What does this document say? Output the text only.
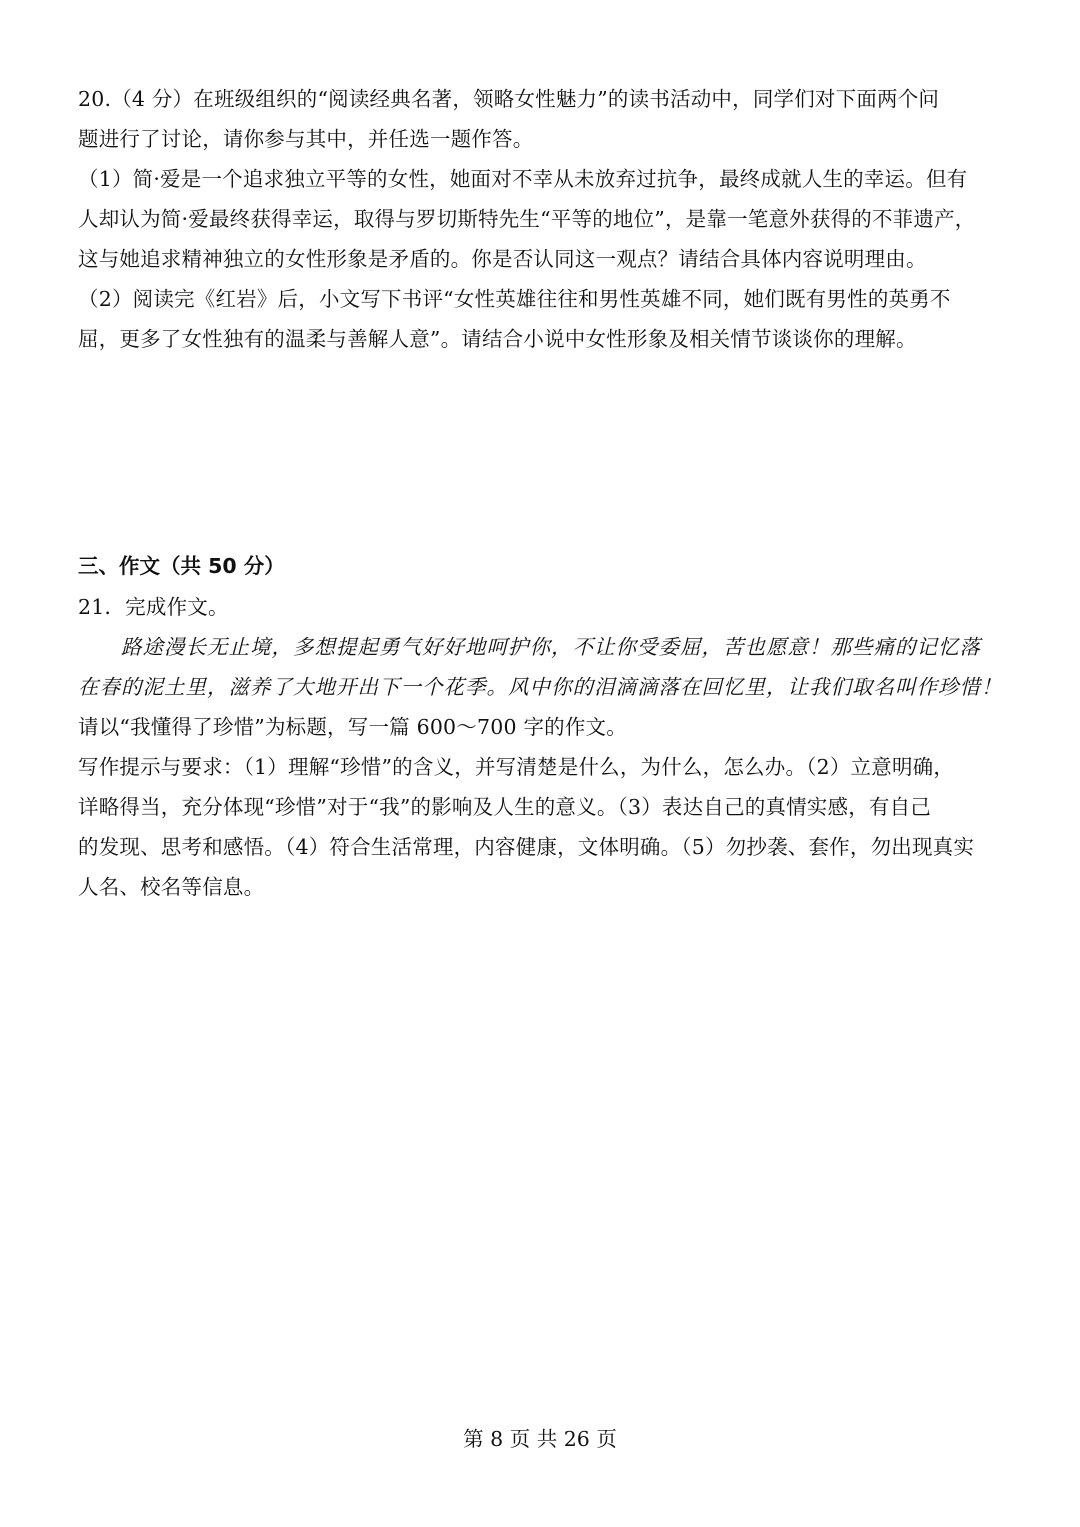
20.（4 分）在班级组织的“阅读经典名著，领略女性魅力”的读书活动中，同学们对下面两个问
题进行了讨论，请你参与其中，并任选一题作答。
（1）简·爱是一个追求独立平等的女性，她面对不幸从未放弃过抗争，最终成就人生的幸运。但有
人却认为简·爱最终获得幸运，取得与罗切斯特先生“平等的地位”，是靠一笔意外获得的不菲遗产，
这与她追求精神独立的女性形象是矛盾的。你是否认同这一观点？请结合具体内容说明理由。
（2）阅读完《红岩》后，小文写下书评“女性英雄往往和男性英雄不同，她们既有男性的英勇不
屈，更多了女性独有的温柔与善解人意”。请结合小说中女性形象及相关情节谈谈你的理解。
三、作文（共 50 分）
21．完成作文。
　　路途漫长无止境，多想提起勇气好好地呵护你，不让你受委屈，苦也愿意！那些痛的记忆落
在春的泥土里，滋养了大地开出下一个花季。风中你的泪滴滴落在回忆里，让我们取名叫作珍惜！
请以“我懂得了珍惜”为标题，写一篇 600～700 字的作文。
写作提示与要求：（1）理解“珍惜”的含义，并写清楚是什么，为什么，怎么办。（2）立意明确，
详略得当，充分体现“珍惜”对于“我”的影响及人生的意义。（3）表达自己的真情实感，有自己
的发现、思考和感悟。（4）符合生活常理，内容健康，文体明确。（5）勿抄袭、套作，勿出现真实
人名、校名等信息。
第 8 页 共 26 页
